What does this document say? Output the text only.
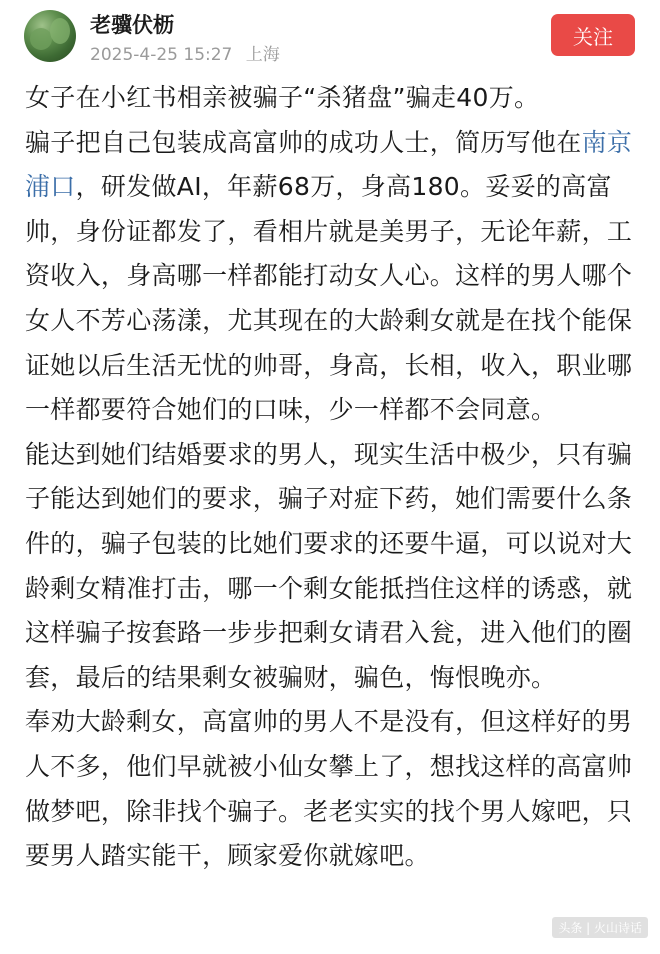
老骥伏枥
2025-4-25 15:27 上海
关注

女子在小红书相亲被骗子“杀猪盘”骗走40万。

骗子把自己包装成高富帅的成功人士，简历写他在南京浦口，研发做AI，年薪68万，身高180。妥妥的高富帅，身份证都发了，看相片就是美男子，无论年薪，工资收入，身高哪一样都能打动女人心。这样的男人哪个女人不芳心荡漾，尤其现在的大龄剩女就是在找个能保证她以后生活无忧的帅哥，身高，长相，收入，职业哪一样都要符合她们的口味，少一样都不会同意。

能达到她们结婚要求的男人，现实生活中极少，只有骗子能达到她们的要求，骗子对症下药，她们需要什么条件的，骗子包装的比她们要求的还要牛逼，可以说对大龄剩女精准打击，哪一个剩女能抵挡住这样的诱惑，就这样骗子按套路一步步把剩女请君入瓮，进入他们的圈套，最后的结果剩女被骗财，骗色，悔恨晚亦。

奉劝大龄剩女，高富帅的男人不是没有，但这样好的男人不多，他们早就被小仙女攀上了，想找这样的高富帅做梦吧，除非找个骗子。老老实实的找个男人嫁吧，只要男人踏实能干，顾家爱你就嫁吧。

头条 | 火山诗话
